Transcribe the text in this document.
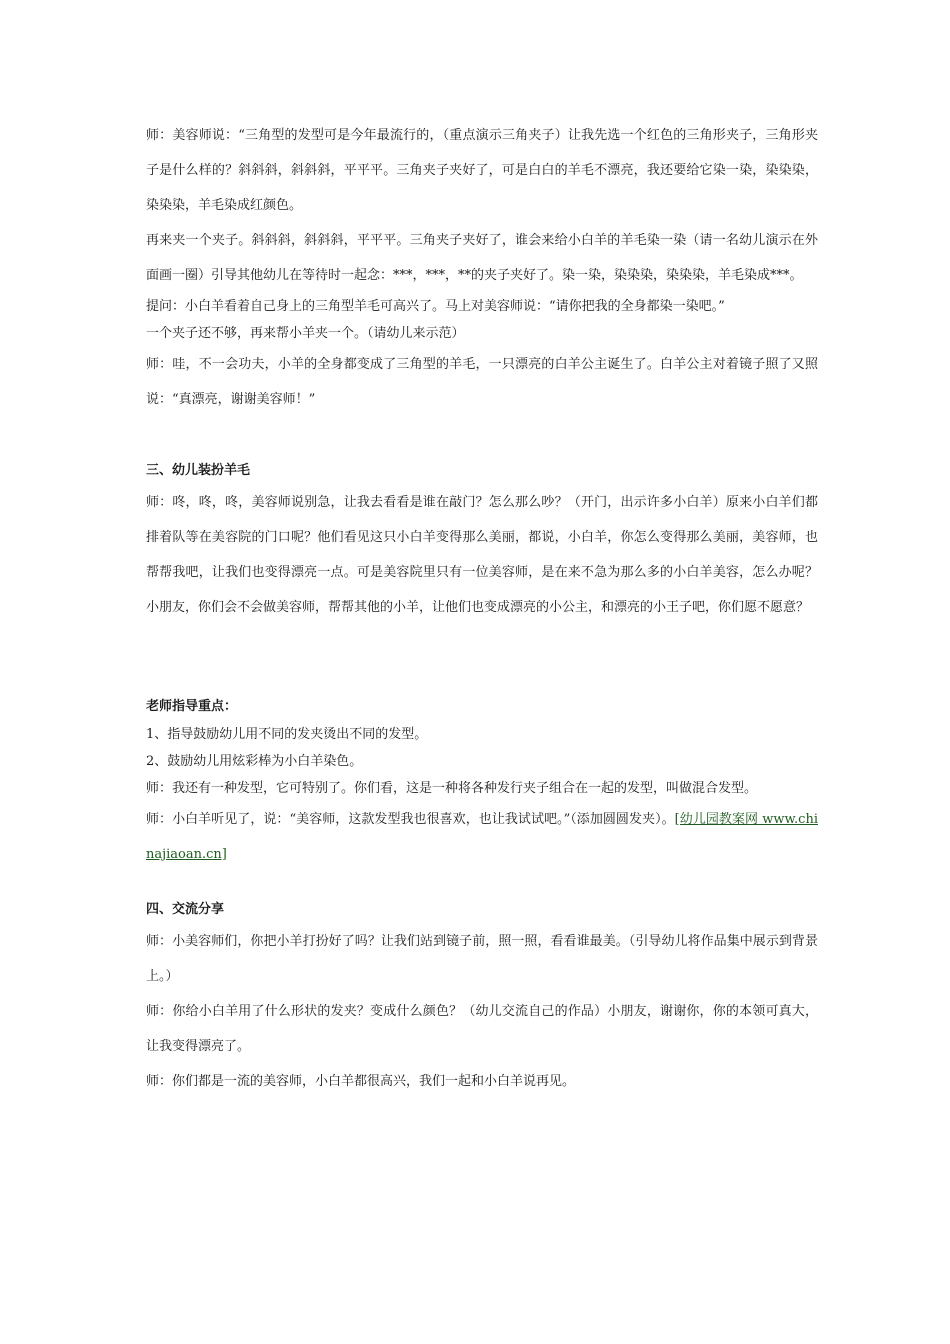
师：美容师说：“三角型的发型可是今年最流行的，（重点演示三角夹子）让我先选一个红色的三角形夹子，三角形夹子是什么样的？斜斜斜，斜斜斜，平平平。三角夹子夹好了，可是白白的羊毛不漂亮，我还要给它染一染，染染染，染染染，羊毛染成红颜色。

再来夹一个夹子。斜斜斜，斜斜斜，平平平。三角夹子夹好了，谁会来给小白羊的羊毛染一染（请一名幼儿演示在外面画一圈）引导其他幼儿在等待时一起念：***，***，**的夹子夹好了。染一染，染染染，染染染，羊毛染成***。

提问：小白羊看着自己身上的三角型羊毛可高兴了。马上对美容师说：“请你把我的全身都染一染吧。”

一个夹子还不够，再来帮小羊夹一个。（请幼儿来示范）

师：哇，不一会功夫，小羊的全身都变成了三角型的羊毛，一只漂亮的白羊公主诞生了。白羊公主对着镜子照了又照说：“真漂亮，谢谢美容师！”

三、幼儿装扮羊毛

师：咚，咚，咚，美容师说别急，让我去看看是谁在敲门？怎么那么吵？（开门，出示许多小白羊）原来小白羊们都排着队等在美容院的门口呢？他们看见这只小白羊变得那么美丽，都说，小白羊，你怎么变得那么美丽，美容师，也帮帮我吧，让我们也变得漂亮一点。可是美容院里只有一位美容师，是在来不急为那么多的小白羊美容，怎么办呢？小朋友，你们会不会做美容师，帮帮其他的小羊，让他们也变成漂亮的小公主，和漂亮的小王子吧，你们愿不愿意？

老师指导重点：

1、指导鼓励幼儿用不同的发夹烫出不同的发型。

2、鼓励幼儿用炫彩棒为小白羊染色。

师：我还有一种发型，它可特别了。你们看，这是一种将各种发行夹子组合在一起的发型，叫做混合发型。

师：小白羊听见了，说：“美容师，这款发型我也很喜欢，也让我试试吧。”（添加圆圆发夹）。[幼儿园教案网 www.chinajiaoan.cn]

四、交流分享

师：小美容师们，你把小羊打扮好了吗？让我们站到镜子前，照一照，看看谁最美。（引导幼儿将作品集中展示到背景上。）

师：你给小白羊用了什么形状的发夹？变成什么颜色？（幼儿交流自己的作品）小朋友，谢谢你，你的本领可真大，让我变得漂亮了。

师：你们都是一流的美容师，小白羊都很高兴，我们一起和小白羊说再见。
